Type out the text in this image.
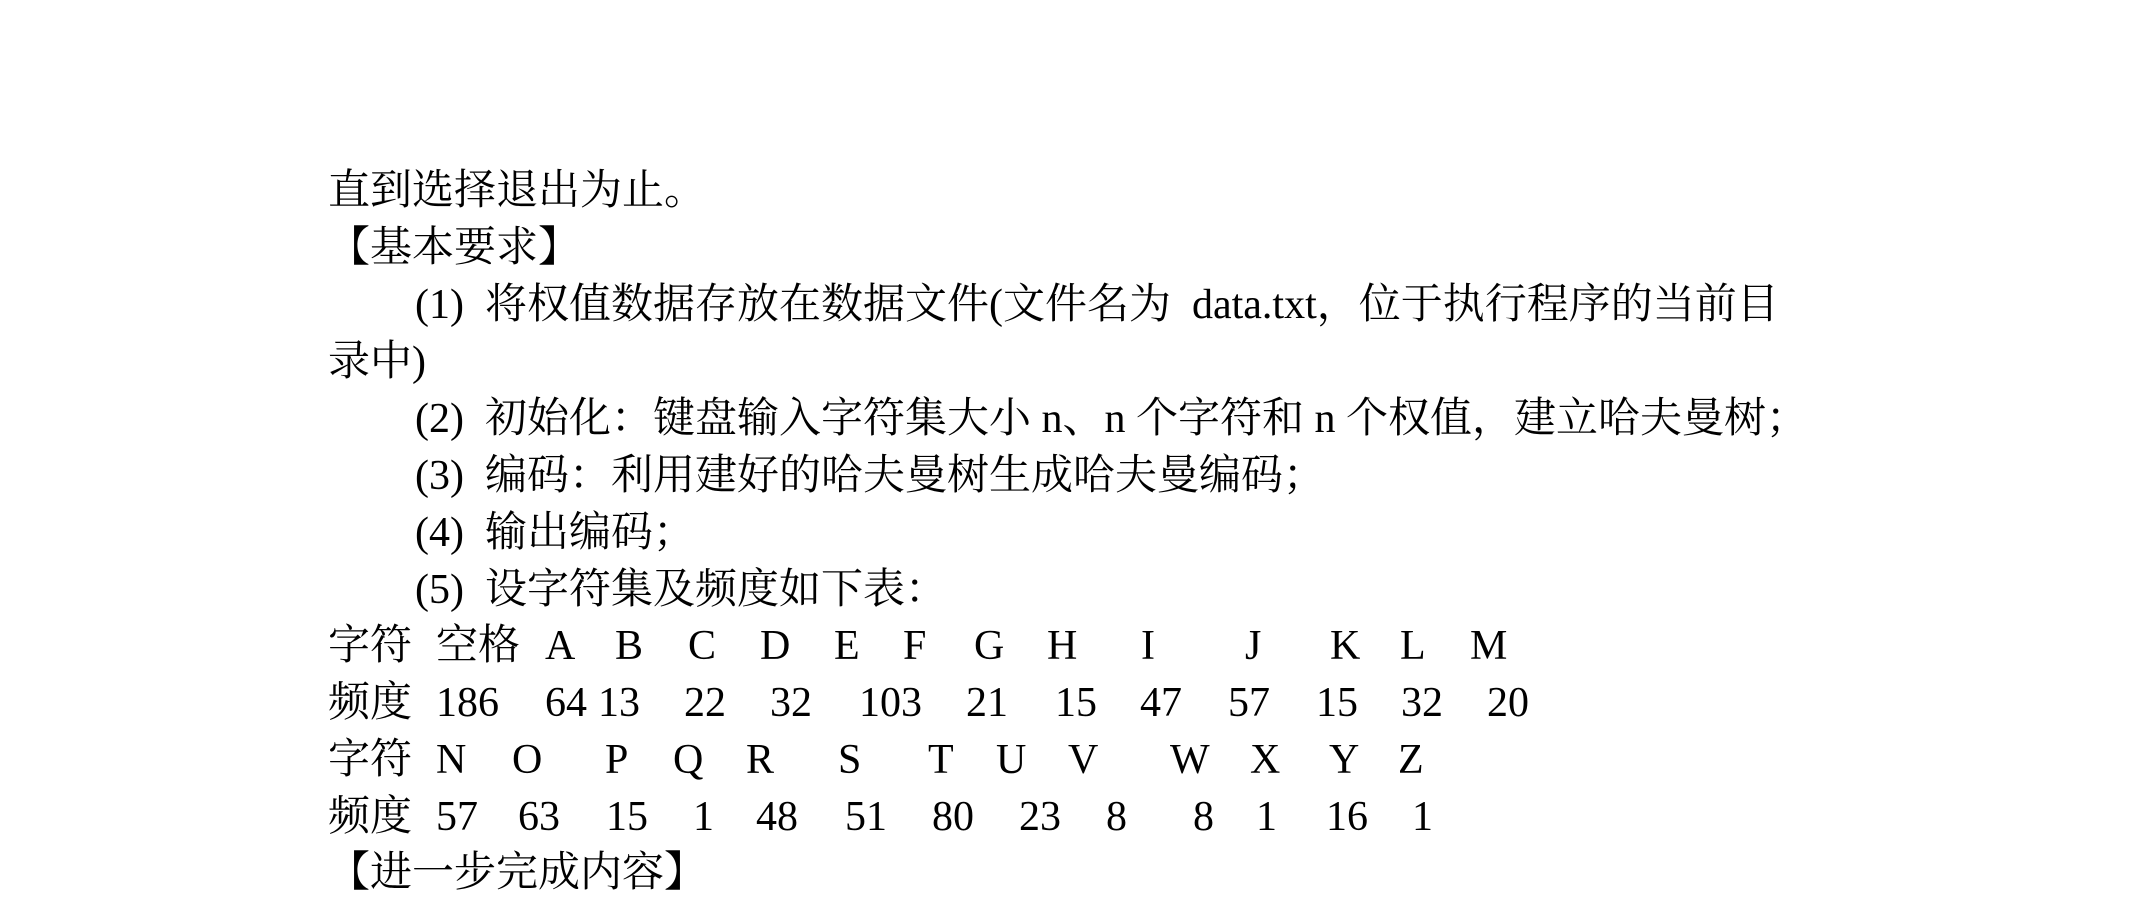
直到选择退出为止。
【基本要求】
(1)  将权值数据存放在数据文件(文件名为  data.txt，位于执行程序的当前目
录中)
(2)  初始化：键盘输入字符集大小 n、n 个字符和 n 个权值，建立哈夫曼树；
(3)  编码：利用建好的哈夫曼树生成哈夫曼编码；
(4)  输出编码；
(5)  设字符集及频度如下表：
字符 空格 A B C D E F G H I J K L M
频度 186 64 13 22 32 103 21 15 47 57 15 32 20
字符 N O P Q R S T U V W X Y Z
频度 57 63 15 1 48 51 80 23 8 8 1 16 1
【进一步完成内容】
